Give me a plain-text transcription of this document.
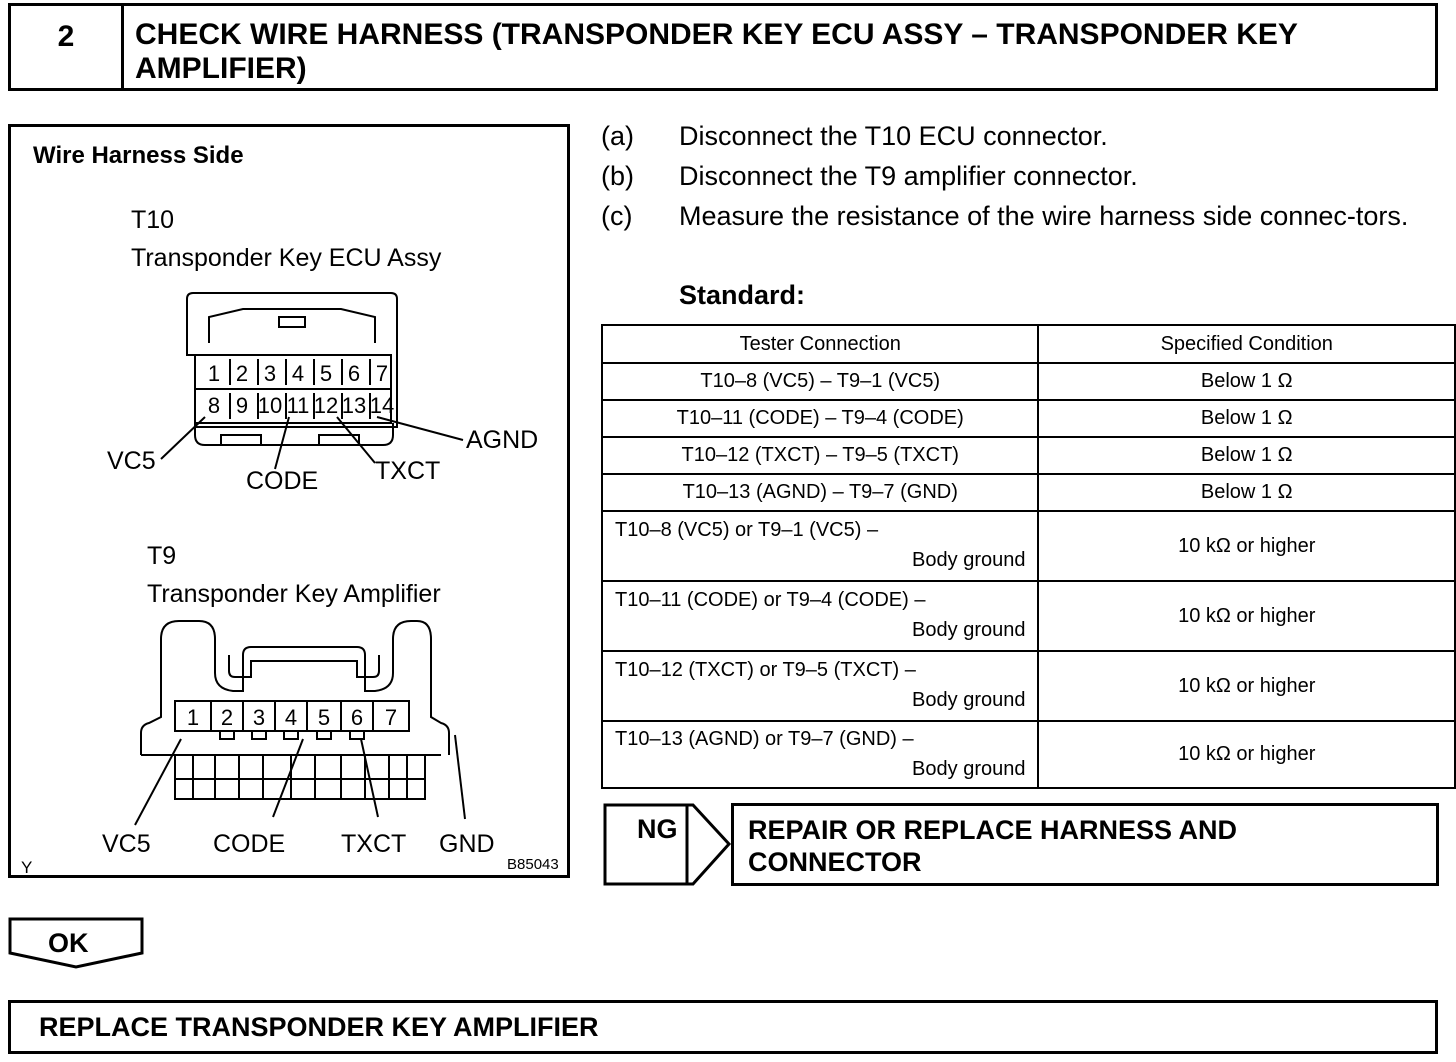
2	CHECK WIRE HARNESS (TRANSPONDER KEY ECU ASSY – TRANSPONDER KEY AMPLIFIER)
Wire Harness Side
T10
Transponder Key ECU Assy
1 2 3 4 5 6 7
8 9 10 11 12 13 14
VC5
CODE TXCT
AGND
T9
Transponder Key Amplifier
1 2 3 4 5 6 7
VC5 CODE TXCT GND
Y	B85043
(a) Disconnect the T10 ECU connector.
(b) Disconnect the T9 amplifier connector.
(c) Measure the resistance of the wire harness side connec-tors.
Standard:
Tester Connection	Specified Condition
T10–8 (VC5) – T9–1 (VC5)	Below 1 Ω
T10–11 (CODE) – T9–4 (CODE)	Below 1 Ω
T10–12 (TXCT) – T9–5 (TXCT)	Below 1 Ω
T10–13 (AGND) – T9–7 (GND)	Below 1 Ω

T10–8 (VC5) or T9–1 (VC5) –
Body ground	10 kΩ or higher

T10–11 (CODE) or T9–4 (CODE) –
Body ground	10 kΩ or higher

T10–12 (TXCT) or T9–5 (TXCT) –
Body ground	10 kΩ or higher

T10–13 (AGND) or T9–7 (GND) –
Body ground	10 kΩ or higher
NG	REPAIR OR REPLACE HARNESS AND
CONNECTOR
OK
REPLACE TRANSPONDER KEY AMPLIFIER
